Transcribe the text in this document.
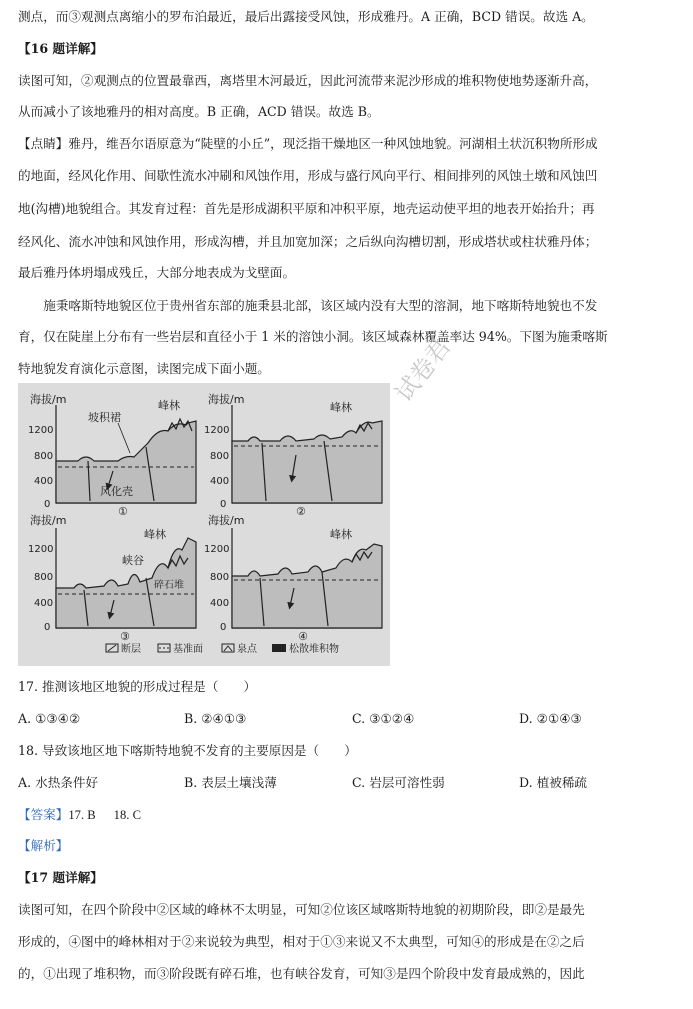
测点，而③观测点离缩小的罗布泊最近，最后出露接受风蚀，形成雅丹。A 正确，BCD 错误。故选 A。
【16 题详解】
读图可知，②观测点的位置最靠西，离塔里木河最近，因此河流带来泥沙形成的堆积物使地势逐渐升高，
从而减小了该地雅丹的相对高度。B 正确，ACD 错误。故选 B。
【点睛】雅丹，维吾尔语原意为“陡壁的小丘”，现泛指干燥地区一种风蚀地貌。河湖相土状沉积物所形成
的地面，经风化作用、间歇性流水冲刷和风蚀作用，形成与盛行风向平行、相间排列的风蚀土墩和风蚀凹
地(沟槽)地貌组合。其发育过程：首先是形成湖积平原和冲积平原，地壳运动使平坦的地表开始抬升；再
经风化、流水冲蚀和风蚀作用，形成沟槽，并且加宽加深；之后纵向沟槽切割，形成塔状或柱状雅丹体；
最后雅丹体坍塌成残丘，大部分地表成为戈壁面。
　　施秉喀斯特地貌区位于贵州省东部的施秉县北部，该区域内没有大型的溶洞，地下喀斯特地貌也不发
育，仅在陡崖上分布有一些岩层和直径小于 1 米的溶蚀小洞。该区域森林覆盖率达 94%。下图为施秉喀斯
特地貌发育演化示意图，读图完成下面小题。
海拔/m
1200
800
400
0
坡积裙
峰林
风化壳
①
海拔/m
1200
800
400
0
峰林
②
海拔/m
1200
800
400
0
峰林
峡谷
碎石堆
③
海拔/m
1200
800
400
0
峰林
④
断层	基准面	泉点	松散堆积物
试卷君
17. 推测该地区地貌的形成过程是（　　）
A. ①③④②	B. ②④①③	C. ③①②④	D. ②①④③
18. 导致该地区地下喀斯特地貌不发育的主要原因是（　　）
A. 水热条件好	B. 表层土壤浅薄	C. 岩层可溶性弱	D. 植被稀疏
【答案】17. B 18. C
【解析】
【17 题详解】
读图可知，在四个阶段中②区域的峰林不太明显，可知②位该区域喀斯特地貌的初期阶段，即②是最先
形成的，④图中的峰林相对于②来说较为典型，相对于①③来说又不太典型，可知④的形成是在②之后
的，①出现了堆积物，而③阶段既有碎石堆，也有峡谷发育，可知③是四个阶段中发育最成熟的，因此
